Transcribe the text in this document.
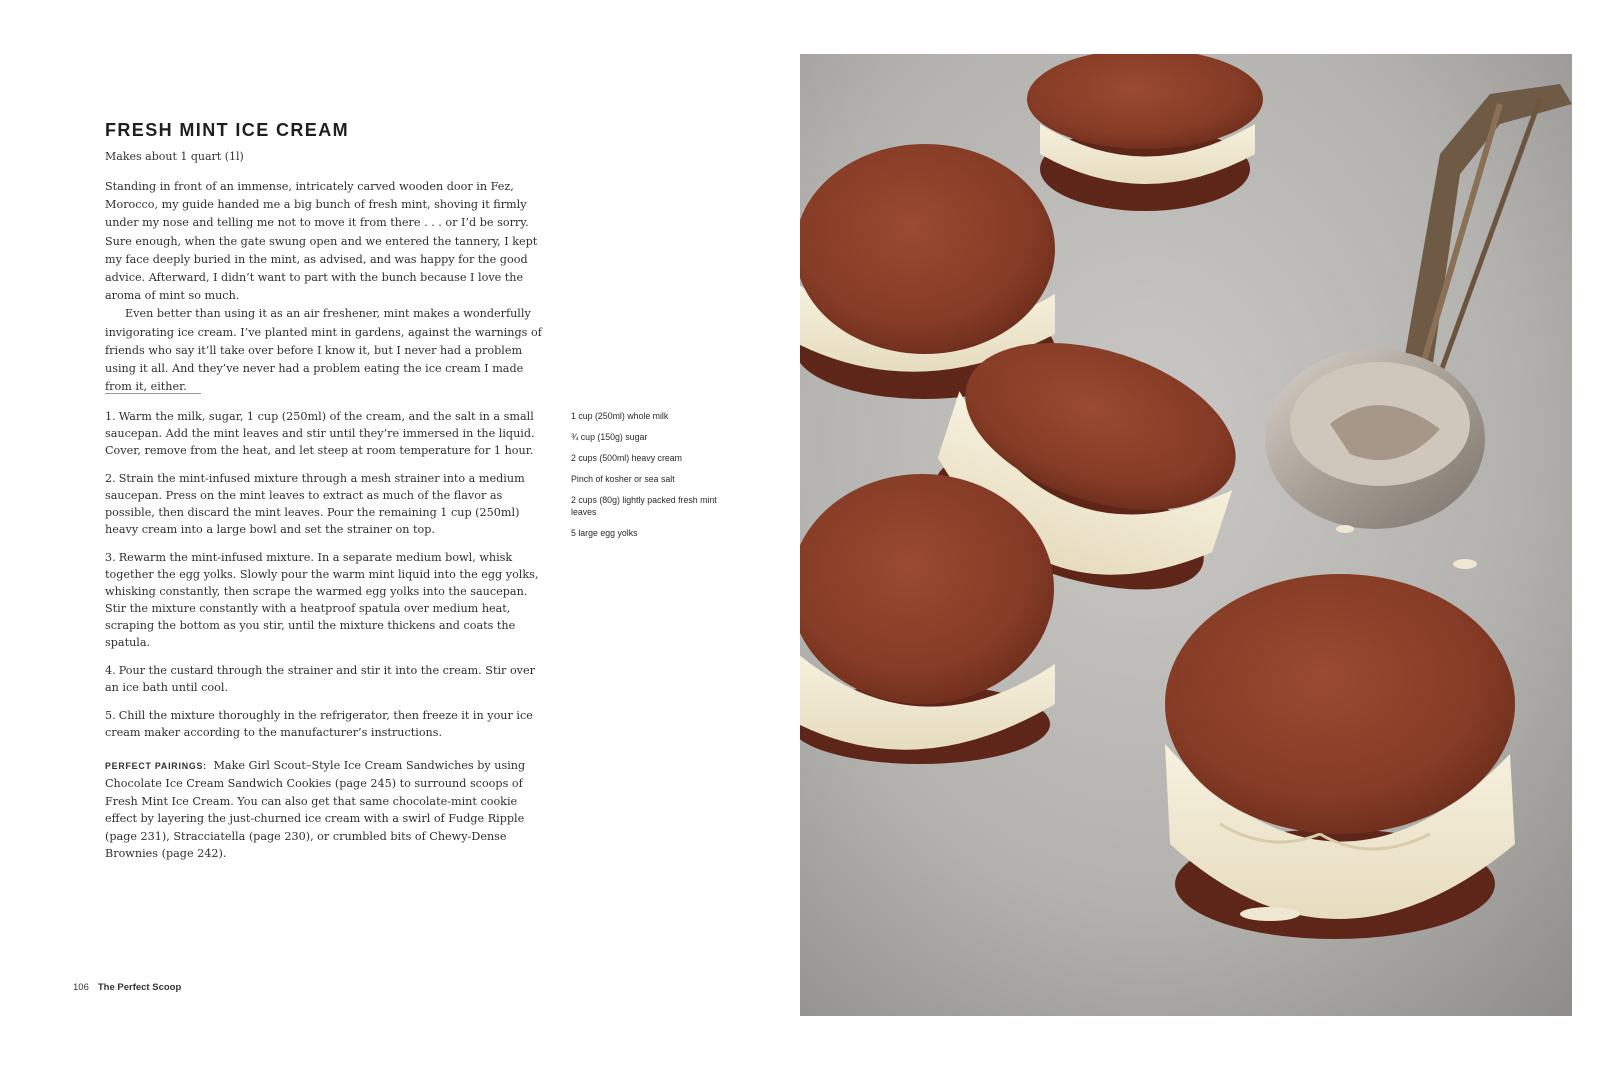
FRESH MINT ICE CREAM
Makes about 1 quart (1l)

Standing in front of an immense, intricately carved wooden door in Fez, Morocco, my guide handed me a big bunch of fresh mint, shoving it firmly under my nose and telling me not to move it from there . . . or I’d be sorry. Sure enough, when the gate swung open and we entered the tannery, I kept my face deeply buried in the mint, as advised, and was happy for the good advice. Afterward, I didn’t want to part with the bunch because I love the aroma of mint so much.

Even better than using it as an air freshener, mint makes a wonderfully invigorating ice cream. I’ve planted mint in gardens, against the warnings of friends who say it’ll take over before I know it, but I never had a problem using it all. And they’ve never had a problem eating the ice cream I made from it, either.

1. Warm the milk, sugar, 1 cup (250ml) of the cream, and the salt in a small saucepan. Add the mint leaves and stir until they’re immersed in the liquid. Cover, remove from the heat, and let steep at room temperature for 1 hour.

2. Strain the mint-infused mixture through a mesh strainer into a medium saucepan. Press on the mint leaves to extract as much of the flavor as possible, then discard the mint leaves. Pour the remaining 1 cup (250ml) heavy cream into a large bowl and set the strainer on top.

3. Rewarm the mint-infused mixture. In a separate medium bowl, whisk together the egg yolks. Slowly pour the warm mint liquid into the egg yolks, whisking constantly, then scrape the warmed egg yolks into the saucepan. Stir the mixture constantly with a heatproof spatula over medium heat, scraping the bottom as you stir, until the mixture thickens and coats the spatula.

4. Pour the custard through the strainer and stir it into the cream. Stir over an ice bath until cool.

5. Chill the mixture thoroughly in the refrigerator, then freeze it in your ice cream maker according to the manufacturer’s instructions.

PERFECT PAIRINGS: Make Girl Scout–Style Ice Cream Sandwiches by using Chocolate Ice Cream Sandwich Cookies (page 245) to surround scoops of Fresh Mint Ice Cream. You can also get that same chocolate-mint cookie effect by layering the just-churned ice cream with a swirl of Fudge Ripple (page 231), Stracciatella (page 230), or crumbled bits of Chewy-Dense Brownies (page 242).
1 cup (250ml) whole milk
¾ cup (150g) sugar
2 cups (500ml) heavy cream
Pinch of kosher or sea salt
2 cups (80g) lightly packed fresh mint leaves
5 large egg yolks
106 The Perfect Scoop
